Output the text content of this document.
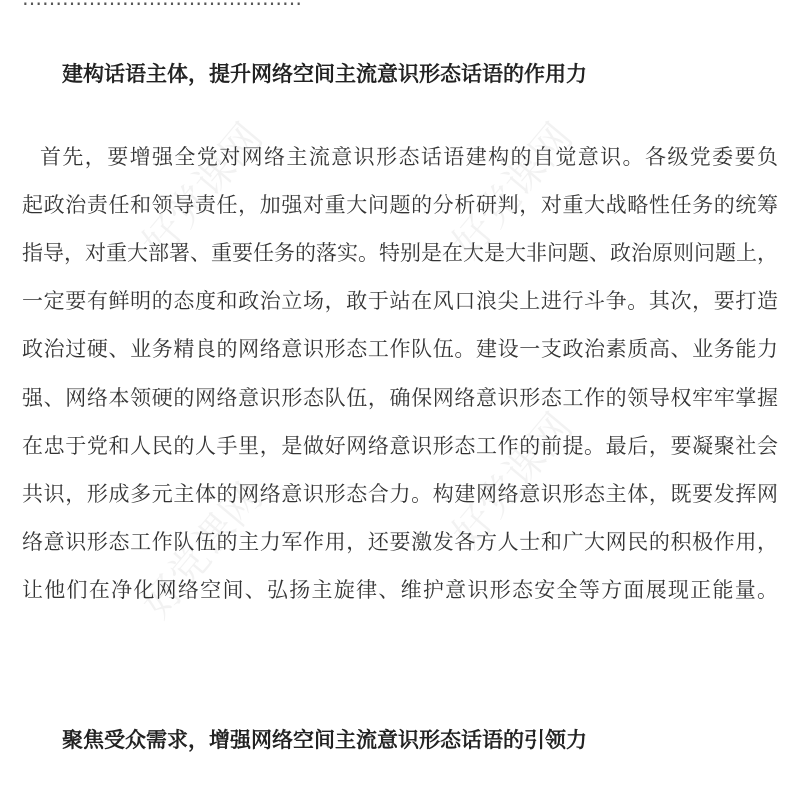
好党课网	好党课网
好党课网	好党课网
建构话语主体，提升网络空间主流意识形态话语的作用力
首先，要增强全党对网络主流意识形态话语建构的自觉意识。各级党委要负
起政治责任和领导责任，加强对重大问题的分析研判，对重大战略性任务的统筹
指导，对重大部署、重要任务的落实。特别是在大是大非问题、政治原则问题上，
一定要有鲜明的态度和政治立场，敢于站在风口浪尖上进行斗争。其次，要打造
政治过硬、业务精良的网络意识形态工作队伍。建设一支政治素质高、业务能力
强、网络本领硬的网络意识形态队伍，确保网络意识形态工作的领导权牢牢掌握
在忠于党和人民的人手里，是做好网络意识形态工作的前提。最后，要凝聚社会
共识，形成多元主体的网络意识形态合力。构建网络意识形态主体，既要发挥网
络意识形态工作队伍的主力军作用，还要激发各方人士和广大网民的积极作用，
让他们在净化网络空间、弘扬主旋律、维护意识形态安全等方面展现正能量。
聚焦受众需求，增强网络空间主流意识形态话语的引领力
